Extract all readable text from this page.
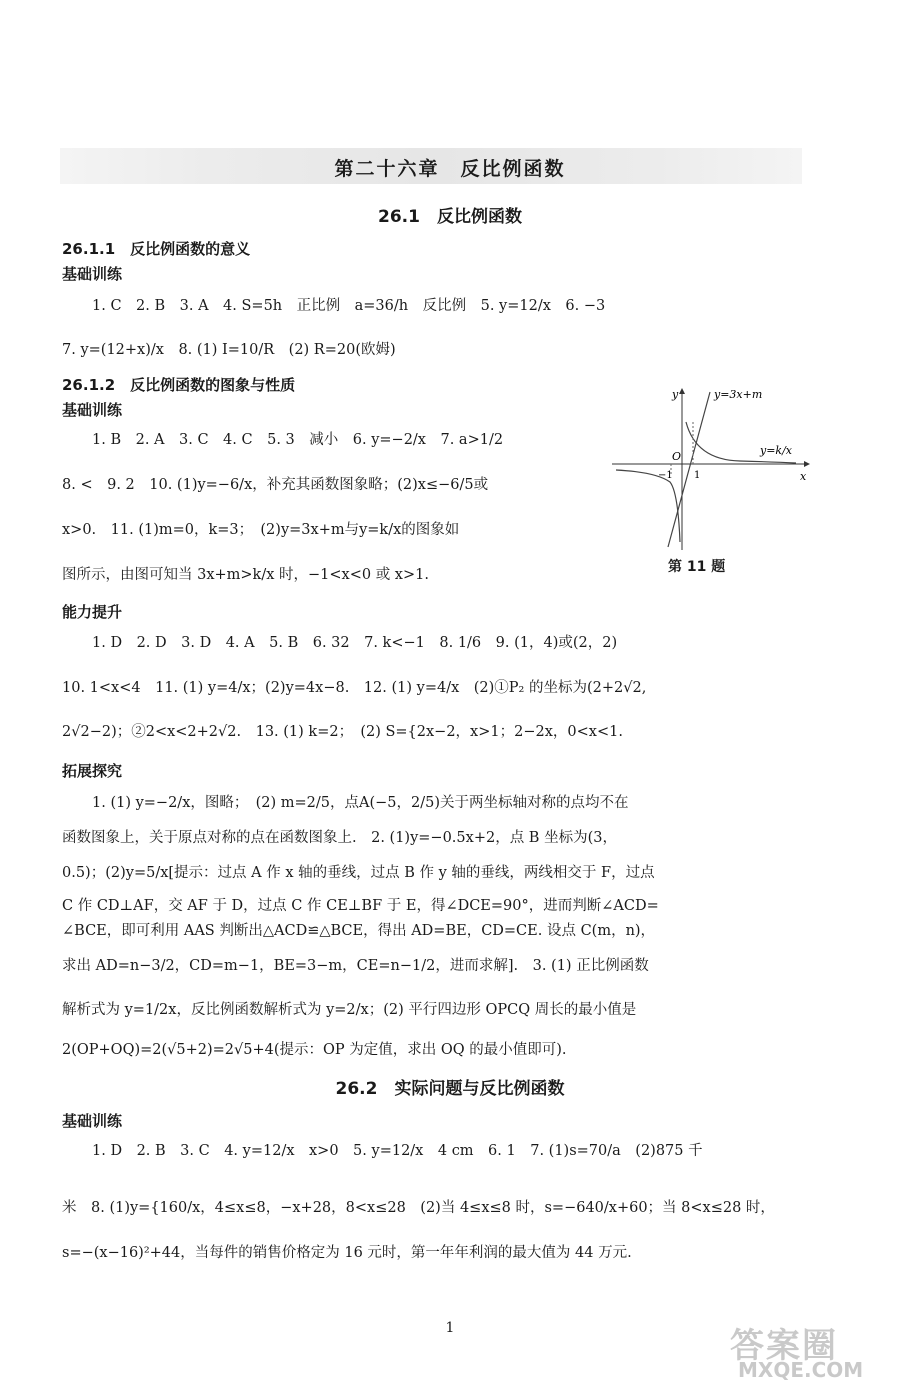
第二十六章　反比例函数
26.1　反比例函数
26.1.1　反比例函数的意义
基础训练
1. C　2. B　3. A　4. S=5h　正比例　a=36/h　反比例　5. y=12/x　6. −3
7. y=(12+x)/x　8. (1) I=10/R　(2) R=20(欧姆)
26.1.2　反比例函数的图象与性质
基础训练
1. B　2. A　3. C　4. C　5. 3　减小　6. y=−2/x　7. a>1/2
8. <　9. 2　10. (1)y=−6/x，补充其函数图象略；(2)x≤−6/5或
x>0.　11. (1)m=0，k=3；　(2)y=3x+m与y=k/x的图象如
图所示，由图可知当 3x+m>k/x 时，−1<x<0 或 x>1.
y=3x+m
y=k/x
y
x
O
−1 1
第 11 题
能力提升
1. D　2. D　3. D　4. A　5. B　6. 32　7. k<−1　8. 1/6　9. (1，4)或(2，2)
10. 1<x<4　11. (1) y=4/x；(2)y=4x−8.　12. (1) y=4/x　(2)①P₂ 的坐标为(2+2√2,
2√2−2)；②2<x<2+2√2.　13. (1) k=2；　(2) S={2x−2，x>1；2−2x，0<x<1.
拓展探究
1. (1) y=−2/x，图略；　(2) m=2/5，点A(−5，2/5)关于两坐标轴对称的点均不在
函数图象上，关于原点对称的点在函数图象上.　2. (1)y=−0.5x+2，点 B 坐标为(3，
0.5)；(2)y=5/x[提示：过点 A 作 x 轴的垂线，过点 B 作 y 轴的垂线，两线相交于 F，过点
C 作 CD⊥AF，交 AF 于 D，过点 C 作 CE⊥BF 于 E，得∠DCE=90°，进而判断∠ACD=
∠BCE，即可利用 AAS 判断出△ACD≌△BCE，得出 AD=BE，CD=CE. 设点 C(m，n)，
求出 AD=n−3/2，CD=m−1，BE=3−m，CE=n−1/2，进而求解].　3. (1) 正比例函数
解析式为 y=1/2x，反比例函数解析式为 y=2/x；(2) 平行四边形 OPCQ 周长的最小值是
2(OP+OQ)=2(√5+2)=2√5+4(提示：OP 为定值，求出 OQ 的最小值即可).
26.2　实际问题与反比例函数
基础训练
1. D　2. B　3. C　4. y=12/x　x>0　5. y=12/x　4 cm　6. 1　7. (1)s=70/a　(2)875 千
米　8. (1)y={160/x，4≤x≤8，−x+28，8<x≤28　(2)当 4≤x≤8 时，s=−640/x+60；当 8<x≤28 时，
s=−(x−16)²+44，当每件的销售价格定为 16 元时，第一年年利润的最大值为 44 万元.
1	答案圈
MXQE.COM
